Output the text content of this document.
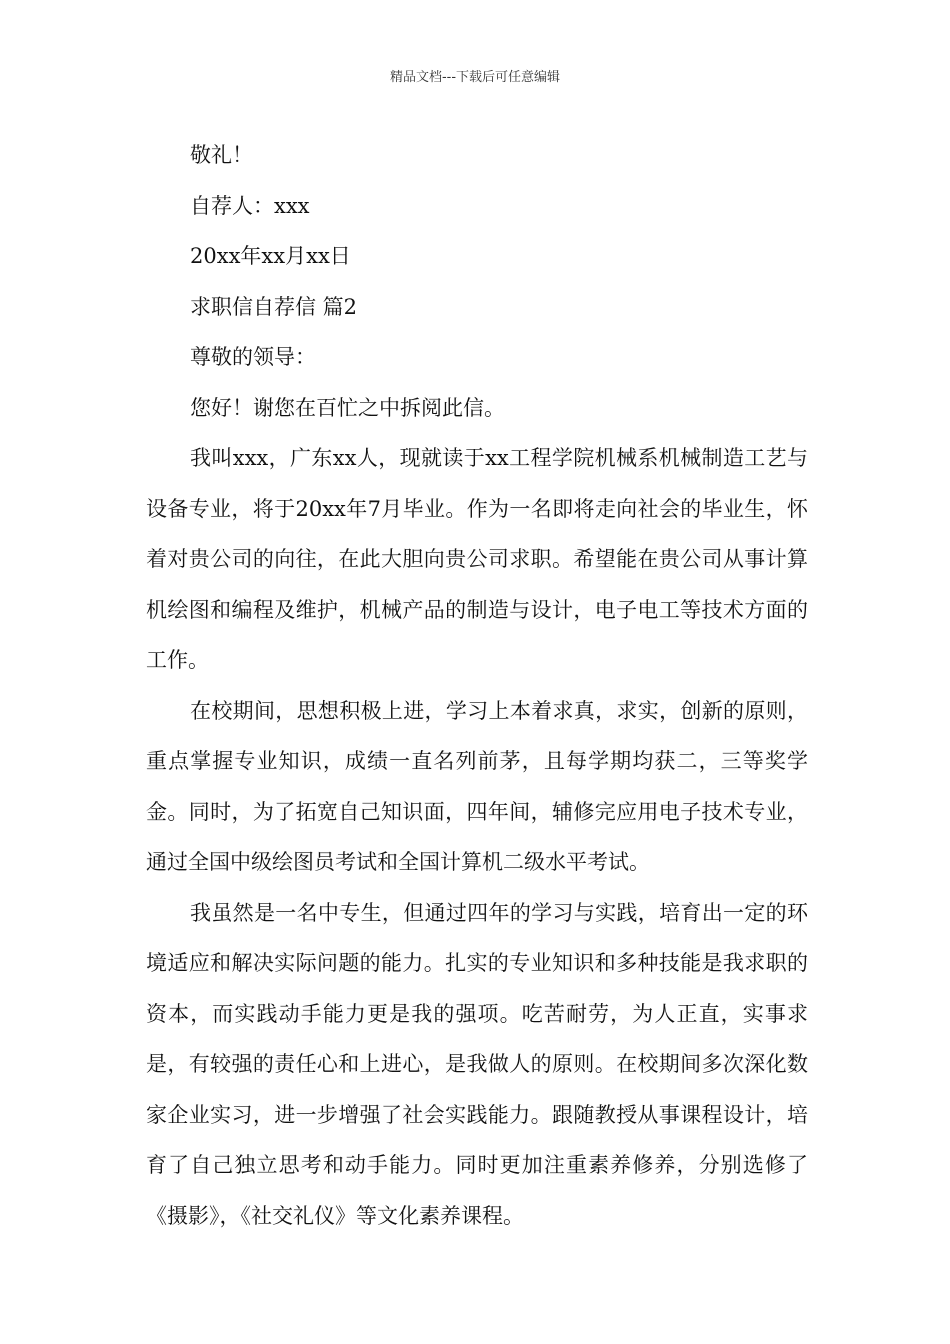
精品文档---下载后可任意编辑
敬礼！
自荐人：xxx
20xx年xx月xx日
求职信自荐信 篇2
尊敬的领导：
您好！谢您在百忙之中拆阅此信。

我叫xxx，广东xx人，现就读于xx工程学院机械系机械制造工艺与设备专业，将于20xx年7月毕业。作为一名即将走向社会的毕业生，怀着对贵公司的向往，在此大胆向贵公司求职。希望能在贵公司从事计算机绘图和编程及维护，机械产品的制造与设计，电子电工等技术方面的工作。

在校期间，思想积极上进，学习上本着求真，求实，创新的原则，重点掌握专业知识，成绩一直名列前茅，且每学期均获二，三等奖学金。同时，为了拓宽自己知识面，四年间，辅修完应用电子技术专业，通过全国中级绘图员考试和全国计算机二级水平考试。

我虽然是一名中专生，但通过四年的学习与实践，培育出一定的环境适应和解决实际问题的能力。扎实的专业知识和多种技能是我求职的资本，而实践动手能力更是我的强项。吃苦耐劳，为人正直，实事求是，有较强的责任心和上进心，是我做人的原则。在校期间多次深化数家企业实习，进一步增强了社会实践能力。跟随教授从事课程设计，培育了自己独立思考和动手能力。同时更加注重素养修养，分别选修了《摄影》，《社交礼仪》等文化素养课程。
